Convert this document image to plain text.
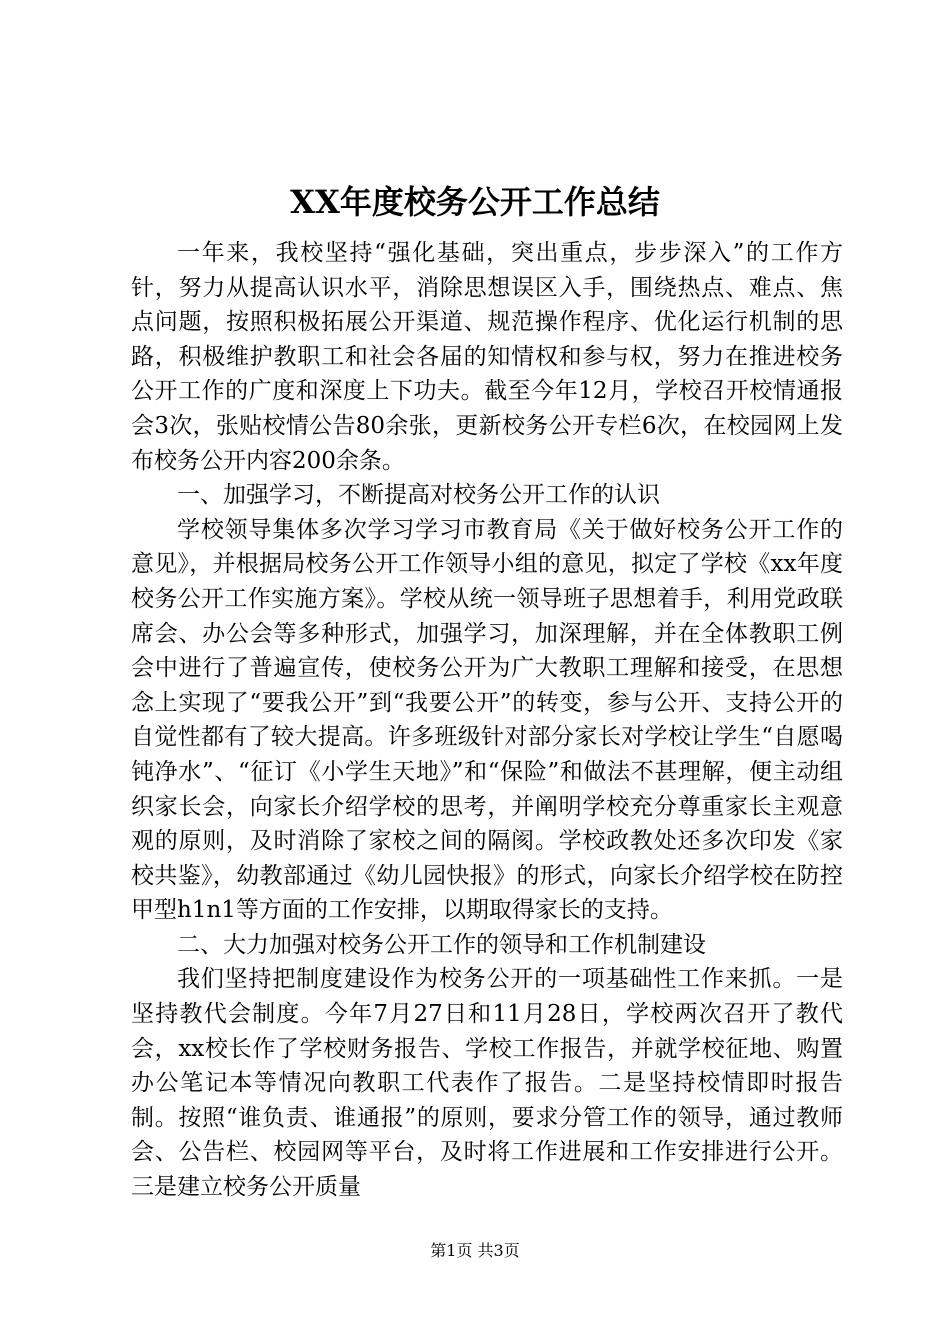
XX年度校务公开工作总结

一年来，我校坚持“强化基础，突出重点，步步深入”的工作方针，努力从提高认识水平，消除思想误区入手，围绕热点、难点、焦点问题，按照积极拓展公开渠道、规范操作程序、优化运行机制的思路，积极维护教职工和社会各届的知情权和参与权，努力在推进校务公开工作的广度和深度上下功夫。截至今年12月，学校召开校情通报会3次，张贴校情公告80余张，更新校务公开专栏6次，在校园网上发布校务公开内容200余条。

一、加强学习，不断提高对校务公开工作的认识

学校领导集体多次学习学习市教育局《关于做好校务公开工作的意见》，并根据局校务公开工作领导小组的意见，拟定了学校《xx年度校务公开工作实施方案》。学校从统一领导班子思想着手，利用党政联席会、办公会等多种形式，加强学习，加深理解，并在全体教职工例会中进行了普遍宣传，使校务公开为广大教职工理解和接受，在思想念上实现了“要我公开”到“我要公开”的转变，参与公开、支持公开的自觉性都有了较大提高。许多班级针对部分家长对学校让学生“自愿喝钝净水”、“征订《小学生天地》”和“保险”和做法不甚理解，便主动组织家长会，向家长介绍学校的思考，并阐明学校充分尊重家长主观意观的原则，及时消除了家校之间的隔阂。学校政教处还多次印发《家校共鉴》，幼教部通过《幼儿园快报》的形式，向家长介绍学校在防控甲型h1n1等方面的工作安排，以期取得家长的支持。

二、大力加强对校务公开工作的领导和工作机制建设

我们坚持把制度建设作为校务公开的一项基础性工作来抓。一是坚持教代会制度。今年7月27日和11月28日，学校两次召开了教代会，xx校长作了学校财务报告、学校工作报告，并就学校征地、购置办公笔记本等情况向教职工代表作了报告。二是坚持校情即时报告制。按照“谁负责、谁通报”的原则，要求分管工作的领导，通过教师会、公告栏、校园网等平台，及时将工作进展和工作安排进行公开。三是建立校务公开质量

第1页 共3页
